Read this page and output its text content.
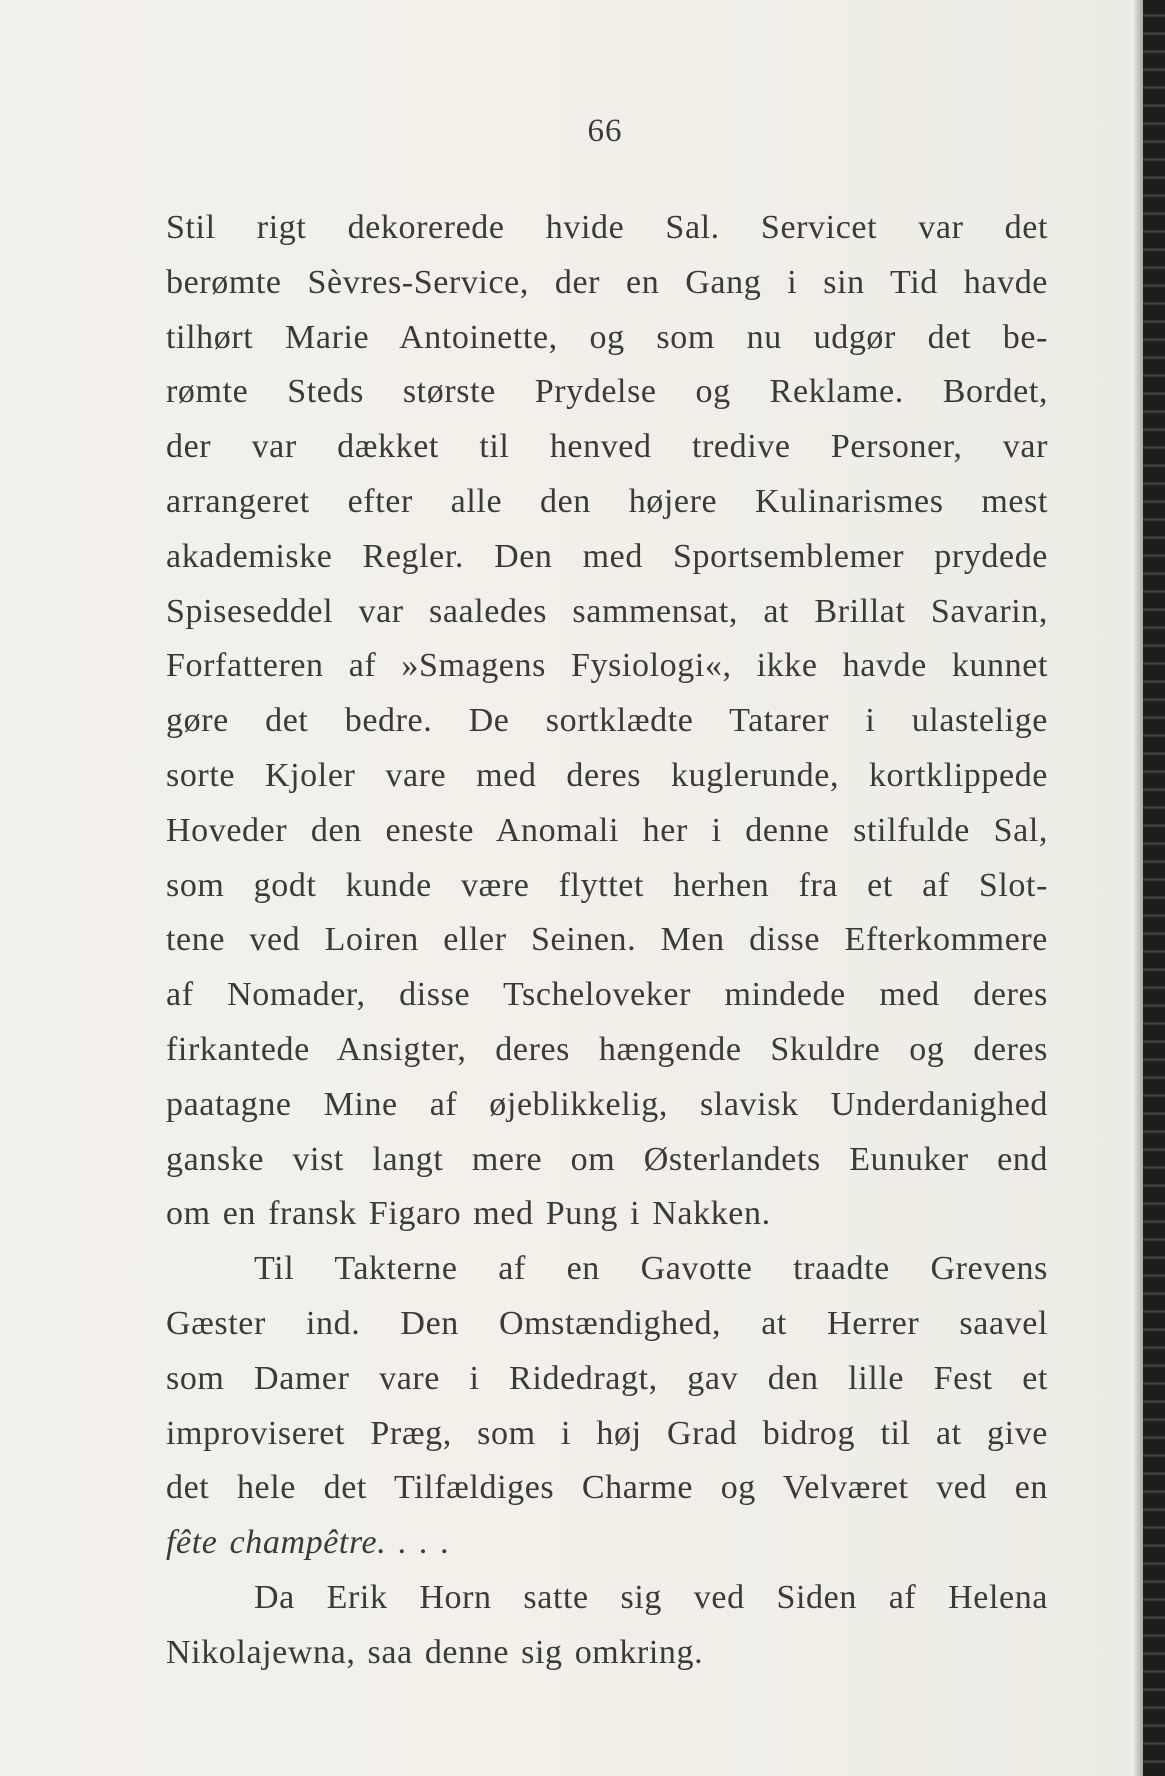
66
Stil rigt dekorerede hvide Sal. Servicet var det
berømte Sèvres-Service, der en Gang i sin Tid havde
tilhørt Marie Antoinette, og som nu udgør det be-
rømte Steds største Prydelse og Reklame. Bordet,
der var dækket til henved tredive Personer, var
arrangeret efter alle den højere Kulinarismes mest
akademiske Regler. Den med Sportsemblemer prydede
Spiseseddel var saaledes sammensat, at Brillat Savarin,
Forfatteren af »Smagens Fysiologi«, ikke havde kunnet
gøre det bedre. De sortklædte Tatarer i ulastelige
sorte Kjoler vare med deres kuglerunde, kortklippede
Hoveder den eneste Anomali her i denne stilfulde Sal,
som godt kunde være flyttet herhen fra et af Slot-
tene ved Loiren eller Seinen. Men disse Efterkommere
af Nomader, disse Tscheloveker mindede med deres
firkantede Ansigter, deres hængende Skuldre og deres
paatagne Mine af øjeblikkelig, slavisk Underdanighed
ganske vist langt mere om Østerlandets Eunuker end
om en fransk Figaro med Pung i Nakken.
Til Takterne af en Gavotte traadte Grevens
Gæster ind. Den Omstændighed, at Herrer saavel
som Damer vare i Ridedragt, gav den lille Fest et
improviseret Præg, som i høj Grad bidrog til at give
det hele det Tilfældiges Charme og Velværet ved en
fête champêtre. . . .
Da Erik Horn satte sig ved Siden af Helena
Nikolajewna, saa denne sig omkring.
